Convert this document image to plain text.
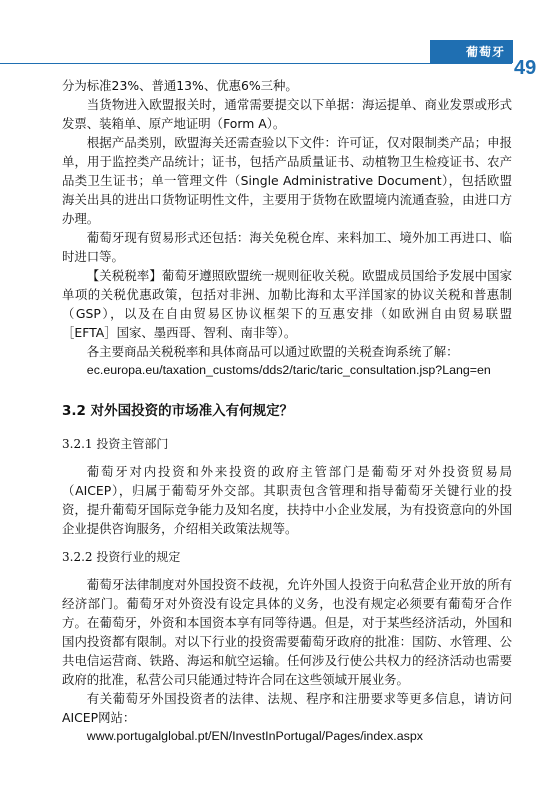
葡萄牙
49

分为标准23%、普通13%、优惠6%三种。

当货物进入欧盟报关时，通常需要提交以下单据：海运提单、商业发票或形式发票、装箱单、原产地证明（Form A）。

根据产品类别，欧盟海关还需查验以下文件：许可证，仅对限制类产品；申报单，用于监控类产品统计；证书，包括产品质量证书、动植物卫生检疫证书、农产品类卫生证书；单一管理文件（Single Administrative Document），包括欧盟海关出具的进出口货物证明性文件，主要用于货物在欧盟境内流通查验，由进口方办理。

葡萄牙现有贸易形式还包括：海关免税仓库、来料加工、境外加工再进口、临时进口等。

【关税税率】葡萄牙遵照欧盟统一规则征收关税。欧盟成员国给予发展中国家单项的关税优惠政策，包括对非洲、加勒比海和太平洋国家的协议关税和普惠制（GSP），以及在自由贸易区协议框架下的互惠安排（如欧洲自由贸易联盟［EFTA］国家、墨西哥、智利、南非等）。

各主要商品关税税率和具体商品可以通过欧盟的关税查询系统了解：

ec.europa.eu/taxation_customs/dds2/taric/taric_consultation.jsp?Lang=en

3.2 对外国投资的市场准入有何规定？
3.2.1 投资主管部门

葡萄牙对内投资和外来投资的政府主管部门是葡萄牙对外投资贸易局（AICEP），归属于葡萄牙外交部。其职责包含管理和指导葡萄牙关键行业的投资，提升葡萄牙国际竞争能力及知名度，扶持中小企业发展，为有投资意向的外国企业提供咨询服务，介绍相关政策法规等。

3.2.2 投资行业的规定

葡萄牙法律制度对外国投资不歧视，允许外国人投资于向私营企业开放的所有经济部门。葡萄牙对外资没有设定具体的义务，也没有规定必须要有葡萄牙合作方。在葡萄牙，外资和本国资本享有同等待遇。但是，对于某些经济活动，外国和国内投资都有限制。对以下行业的投资需要葡萄牙政府的批准：国防、水管理、公共电信运营商、铁路、海运和航空运输。任何涉及行使公共权力的经济活动也需要政府的批准，私营公司只能通过特许合同在这些领域开展业务。

有关葡萄牙外国投资者的法律、法规、程序和注册要求等更多信息，请访问AICEP网站：

www.portugalglobal.pt/EN/InvestInPortugal/Pages/index.aspx
